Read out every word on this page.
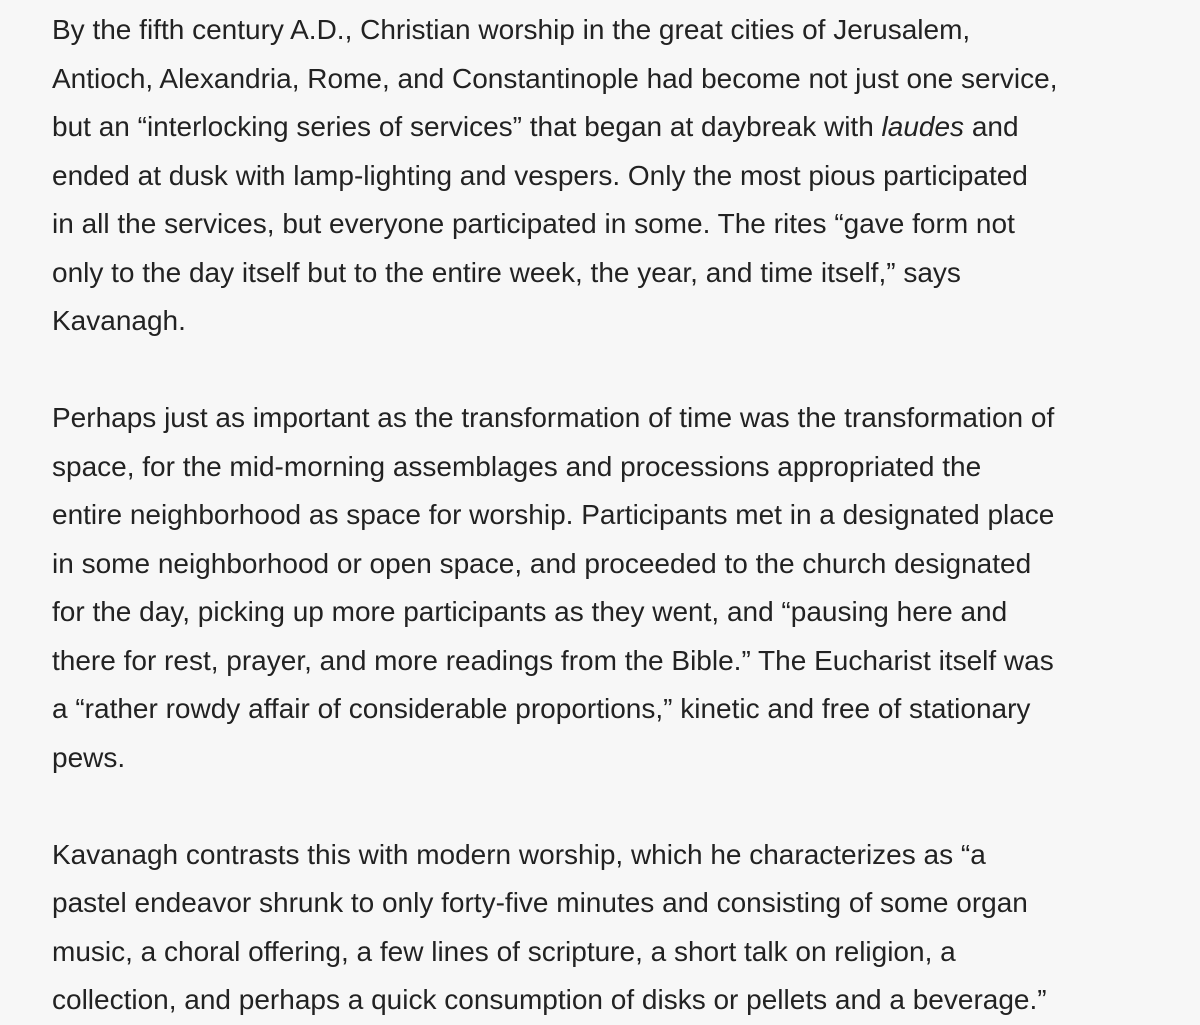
By the fifth century A.D., Christian worship in the great cities of Jerusalem,
Antioch, Alexandria, Rome, and Constantinople had become not just one service,
but an “interlocking series of services” that began at daybreak with laudes and
ended at dusk with lamp-lighting and vespers. Only the most pious participated
in all the services, but everyone participated in some. The rites “gave form not
only to the day itself but to the entire week, the year, and time itself,” says
Kavanagh.
Perhaps just as important as the transformation of time was the transformation of
space, for the mid-morning assemblages and processions appropriated the
entire neighborhood as space for worship. Participants met in a designated place
in some neighborhood or open space, and proceeded to the church designated
for the day, picking up more participants as they went, and “pausing here and
there for rest, prayer, and more readings from the Bible.” The Eucharist itself was
a “rather rowdy affair of considerable proportions,” kinetic and free of stationary
pews.
Kavanagh contrasts this with modern worship, which he characterizes as “a
pastel endeavor shrunk to only forty-five minutes and consisting of some organ
music, a choral offering, a few lines of scripture, a short talk on religion, a
collection, and perhaps a quick consumption of disks or pellets and a beverage.”
